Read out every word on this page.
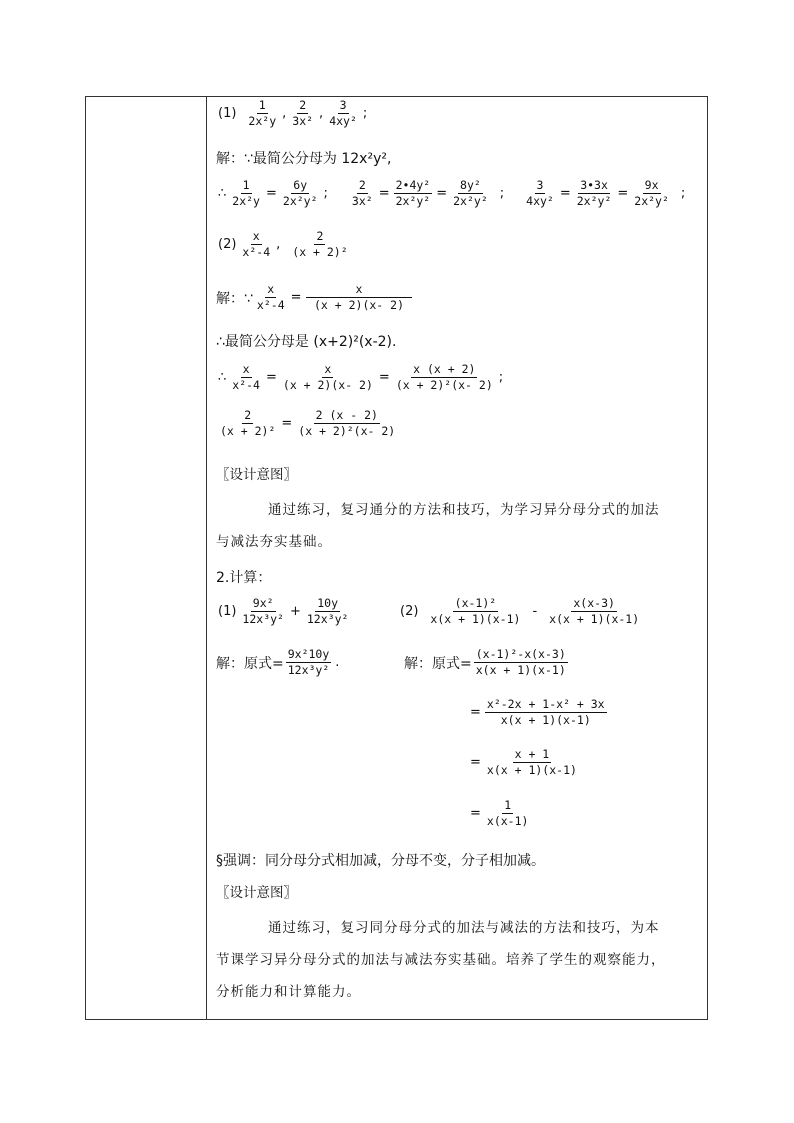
$(1) \frac{1}{\text{2x²y}}$ , $\frac{2}{\text{3x²}}$ , $\frac{3}{\text{4xy²}}$ ;
解：∵最简公分母为 12x²y²,
∴ $\frac{1}{\text{2x²y}} = \frac{6y}{\text{2x²y²}}$ ; $\frac{2}{\text{3x²}} = \frac{\text{2•4y²}}{\text{2x²y²}} = \frac{\text{8y²}}{\text{2x²y²}}$ ; $\frac{3}{\text{4xy²}} = \frac{3•3x}{\text{2x²y²}} = \frac{9x}{\text{2x²y²}}$ ;
$(2) \frac{x}{\text{x²-4}}$ , $\frac{2}{\text{(x + 2)²}}$
解：∵ $\frac{x}{\text{x²-4}} = \frac{x}{(x + 2)(x- 2)}$
∴最简公分母是 (x+2)²(x-2).
∴ $\frac{x}{\text{x²-4}} = \frac{x}{(x + 2)(x- 2)} = \frac{x (x + 2)}{\text{(x + 2)²(x- 2)}}$ ;
$\frac{2}{\text{(x + 2)²}} = \frac{2 (x - 2)}{\text{(x + 2)²(x- 2)}}$
〖设计意图〗
通过练习，复习通分的方法和技巧，为学习异分母分式的加法
与减法夯实基础。
2.计算：
$(1) \frac{\text{9x²}}{\text{12x³y²}} + \frac{10y}{\text{12x³y²}}$	$(2) \frac{\text{(x-1)²}}{x(x + 1)(x-1)} - \frac{x(x-3)}{x(x + 1)(x-1)}$
解：原式= $\frac{\text{9x²10y}}{\text{12x³y²}}$ .	解：原式= $\frac{\text{(x-1)²-x(x-3)}}{x(x + 1)(x-1)}$
= $\frac{\text{x²-2x + 1-x² + 3x}}{x(x + 1)(x-1)}$
= $\frac{x + 1}{x(x + 1)(x-1)}$
= $\frac{1}{x(x-1)}$
§强调：同分母分式相加减，分母不变，分子相加减。
〖设计意图〗
通过练习，复习同分母分式的加法与减法的方法和技巧，为本
节课学习异分母分式的加法与减法夯实基础。培养了学生的观察能力，
分析能力和计算能力。
